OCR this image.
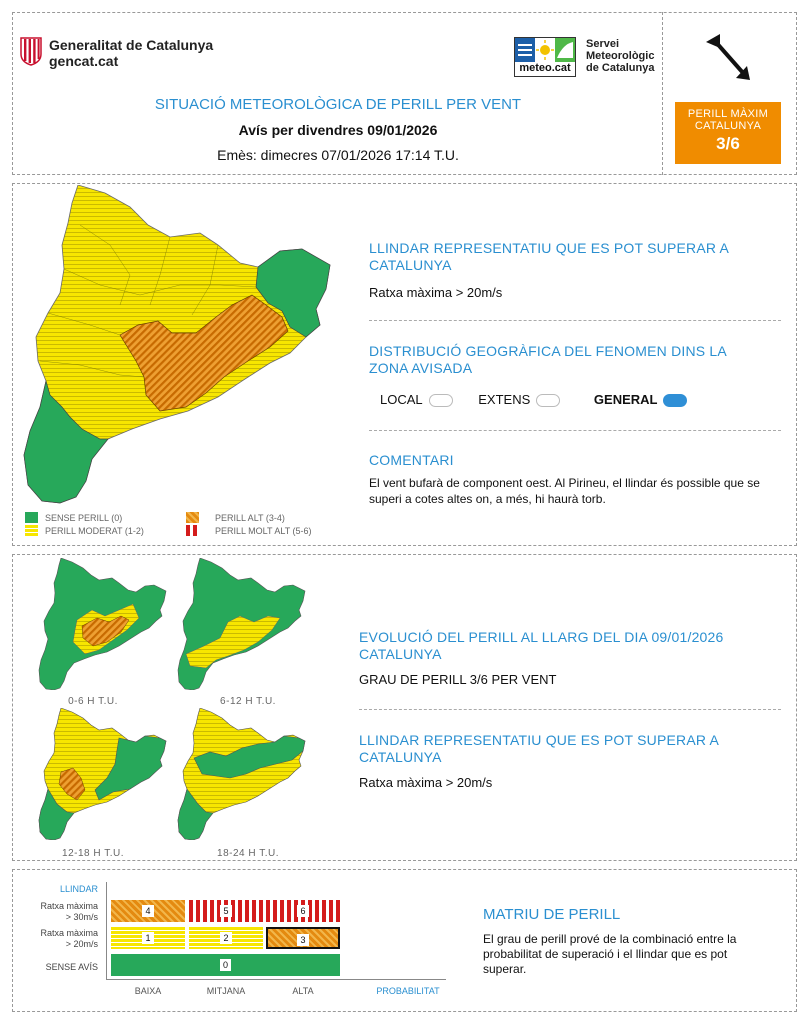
Generalitat de Catalunya
gencat.cat	meteo.cat
Servei
Meteorològic
de Catalunya
SITUACIÓ METEOROLÒGICA DE PERILL PER VENT
Avís per divendres 09/01/2026
Emès: dimecres 07/01/2026 17:14 T.U.
PERILL MÀXIM
CATALUNYA
3/6
SENSE PERILL (0)
PERILL MODERAT (1-2)
PERILL ALT (3-4)
PERILL MOLT ALT (5-6)
LLINDAR REPRESENTATIU QUE ES POT SUPERAR A CATALUNYA
Ratxa màxima > 20m/s
DISTRIBUCIÓ GEOGRÀFICA DEL FENOMEN DINS LA ZONA AVISADA
LOCAL	EXTENS	GENERAL
COMENTARI
El vent bufarà de component oest. Al Pirineu, el llindar és possible que se superi a cotes altes on, a més, hi haurà torb.
0-6 H T.U.	6-12 H T.U.
12-18 H T.U.	18-24 H T.U.
EVOLUCIÓ DEL PERILL AL LLARG DEL DIA 09/01/2026 CATALUNYA
GRAU DE PERILL 3/6 PER VENT
LLINDAR REPRESENTATIU QUE ES POT SUPERAR A CATALUNYA
Ratxa màxima > 20m/s
LLINDAR
Ratxa màxima
> 30m/s
Ratxa màxima
> 20m/s
SENSE AVÍS
4	5	6
1	2	3
0
BAIXA	MITJANA	ALTA	PROBABILITAT
MATRIU DE PERILL
El grau de perill prové de la combinació entre la probabilitat de superació i el llindar que es pot superar.
